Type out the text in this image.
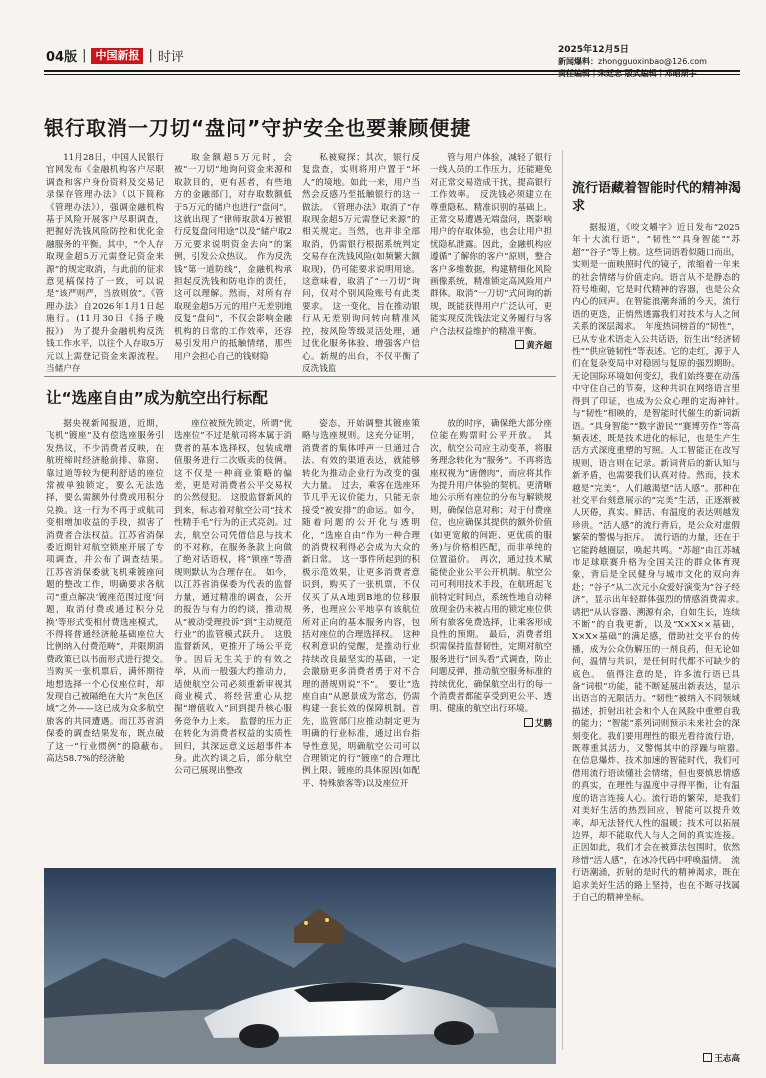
04版 | 中国新报 | 时评	2025年12月5日
新闻爆料：zhongguoxinbao@126.com
银行取消一刀切“盘问”守护安全也要兼顾便捷

11月28日，中国人民银行官网发布《金融机构客户尽职调查和客户身份资料及交易记录保存管理办法》（以下简称《管理办法》），强调金融机构基于风险开展客户尽职调查，把握好洗钱风险防控和优化金融服务的平衡。其中，“个人存取现金超5万元需登记资金来源”的规定取消，与此前的征求意见稿保持了一致，可以说是“该严则严，当放则放”。《管理办法》自2026年1月1日起施行。(11月30日《扬子晚报》)　为了提升金融机构反洗钱工作水平，以往个人存取5万元以上需登记资金来源流程。当储户存

取金额超5万元时，会被“一刀切”地询问资金来源和取款目的，更有甚者，有些地方的金融部门，对存取数额低于5万元的储户也进行“盘问”。这就出现了“律师取款4万被银行反复盘问用途”以及“储户取2万元要求说明资金去向”的案例，引发公众热议。　作为反洗钱“第一道防线”，金融机构承担起反洗钱和防电诈的责任，这可以理解。然而，对所有存取现金超5万元的用户无差别地反复“盘问”，不仅会影响金融机构的日常的工作效率，还容易引发用户的抵触情绪，那些用户会担心自己的钱财隐

私被窥探；其次，银行反复盘查，实则将用户置于“坏人”的境地。如此一来，用户当然会反感乃至抵触银行的这一做法。　《管理办法》取消了“存取现金超5万元需登记来源”的相关规定。当然，也并非全部取消，仍需银行根据系统判定交易存在洗钱风险(如频繁大额取现)，仍可能要求说明用途。这意味着，取消了“一刀切”询问，仅对个别风险账号有此类要求。　这一变化，旨在推动银行从无差别询问转向精准风控，按风险等级灵活处理，通过优化服务体验、增强客户信心。新规的出台，不仅平衡了反洗钱监

管与用户体验，减轻了银行一线人员的工作压力，还能避免对正常交易造成干扰，提高银行工作效率。　反洗钱必须建立在尊重隐私、精准识别的基础上。正常交易遭遇无端盘问，既影响用户的存取体验，也会让用户担忧隐私泄露。因此，金融机构应遵循“了解你的客户”原则，整合客户多维数据，构建精细化风险画像系统，精准锁定高风险用户群体。取消“一刀切”式问询的新规，既能获得用户广泛认可，更能实现反洗钱法定义务履行与客户合法权益维护的精准平衡。

黄齐超
让“选座自由”成为航空出行标配

据央视新闻报道，近期，飞机“镀座”及有偿选座服务引发热议，不少消费者反映，在航班缔时经济舱前排、靠窗、靠过道等较为便利舒适的座位常被单独锁定，要么无法选择，要么需额外付费或用积分兑换。这一行为不再于或航司变相增加收益的手段，损害了消费者合法权益。江苏省消保委近期针对航空锁座开展了专项调查，并公布了调查结果。　江苏省消保委就飞机乘镀座问题的整改工作，明确要求各航司“重点解决‘镀座范围过度’问题，取消付费或通过积分兑换‘等形式变相付费选座模式，不得将普通经济舱基础座位大比例纳入付费范畴”，并限期消费政策已以书面形式进行提交。　当购买一张机票后，满怀期待地想选择一个心仪座位时，却发现自己被隔绝在大片“灰色区域”之外——这已成为众多航空旅客的共同遭遇。而江苏省消保委的调查结果发布，既点破了这一“行业惯例”的隐蔽布。　高达58.7%的经济舱

座位被预先锁定，所谓“优选座位”不过是航司将本属于消费者的基本选择权，包装成增值服务进行二次贩卖的伎俩。这不仅是一种商业策略的偏差，更是对消费者公平交易权的公然侵犯。　这股监督新风的到来，标志着对航空公司“技术性精手毛”行为的正式亮剑。过去，航空公司凭借信息与技术的不对称，在服务条款上向做了绝对话语权，将“锁座”等潜规则默认为合理存在。　如今，以江苏省消保委为代表的监督力量，通过精准的调查，公开的报告与有力的约谈，推动规从“被动受理投诉”到“主动规范行业”的监管模式跃升。　这股监督新风，更推开了场公平竞争。因后无生关于的有效之举，从而一般强大约推动力，适使航空公司必须重新审视其商业模式，将经营重心从挖掘“增值收入”回到提升核心服务竞争力上来。　监督的压力正在转化为消费者权益的实质性回归，其深远意义远超事件本身。此次约谈之后，部分航空公司已展现出整改

姿态，开始调整其镀座策略与选座规则。这充分证明，消费者的集体呼声一旦通过合法、有效的渠道表达，就能够转化为推动企业行为改变的强大力量。　过去，乘客在选座环节几乎无议价能力，只能无奈接受“被安排”的命运。如今，随着问题的公开化与透明化，“选座自由”作为一种合理的消费权利得必会成为大众的新日常。　这一事件所起到的积极示范效果，让更多消费者意识到，购买了一张机票，不仅仅买了从A地到B地的位移服务，也理应公平地享有该航位所对正向的基本服务内容，包括对座位的合理选择权。　这种权利意识的觉醒，是推动行业持续改良最坚实的基础，一定会激励更多消费者勇于对不合理的潜规则说“不”。　要让“选座自由”从愿景成为常态，仍需构建一套长效的保障机制。首先，监管部门应推动制定更为明确的行业标准，通过出台指导性意见，明确航空公司可以合理锁定的行“镀座”的合理比例上限、镀座的具体原因(如配平、特殊旅客等)以及座位开

放的时序，确保绝大部分座位能在购票时公平开放。　其次，航空公司应主动变革，将服务理念转化为“服务”。不再将选座权视为“唐僧肉”，而应将其作为提升用户体验的契机。更清晰地公示所有座位的分布与解锁规则，确保信息对称；对于付费座位，也应确保其提供的额外价值(如更宽敞的间距、更优质的服务)与价格相匹配，而非单纯的位置溢价。　再次，通过技术赋能使企业公平公开机制。航空公司可利用技术手段，在航班起飞前特定时间点，系统性地自动释放现金仍未被占用的锁定座位供所有旅客免费选择，让乘客形成良性的预期。　最后，消费者组织需保持监督韧性，定期对航空服务进行“回头看”式调查，防止问题反弹，推动航空服务标准的持续优化，确保航空出行的每一个消费者都能享受到更公平、透明、健康的航空出行环境。

艾鹏
流行语藏着智能时代的精神渴求

据报道，《咬文嚼字》近日发布“2025年十大流行语”，“韧性”“具身智能”“苏超”“谷子”等上榜。这些词语看似随口而出，实则是一面映照时代的镜子，浓缩着一年来的社会情绪与价值走向。语言从不是静态的符号堆砌，它是时代精神的容器，也是公众内心的回声。在智能浪潮奔涌的今天，流行语的更迭，正悄然透露我们对技术与人之间关系的深层渴求。　年度热词榜首的“韧性”，已从专业术语走入公共话语，衍生出“经济韧性”“供应链韧性”等表述。它的走红，源于人们在复杂变局中对稳固与复原的强烈期盼。无论国际环境如何变幻，我们始终要在动荡中守住自己的节奏，这种共识在网络语言里得到了印证，也成为公众心理的定海神针。　与“韧性”相映的，是智能时代催生的新词新语。“具身智能”“数字游民”“赛博劳作”等高频表述，既是技术进化的标记，也是生产生活方式深度重塑的写照。人工智能正在改写规则，语言则在记录。新词背后的新认知与新矛盾，也需要我们认真对待。然而，技术越是“完美”，人们越渴望“活人感”。那种在社交平台刻意展示的“完美”生活，正逐渐被人厌倦，真实、鲜活、有温度的表达则越发珍贵。“活人感”的流行背后，是公众对虚假繁荣的警惕与拒斥。　流行语的力量，还在于它能跨越圈层，唤起共鸣。“苏超”由江苏城市足球联赛升格为全国关注的群众体育现象，背后是全民健身与城市文化的双向奔赴；“谷子”从二次元小众爱好演变为“谷子经济”，显示出年轻群体强烈的情感消费需求。　请把“从认容器、溯源有余，自如生长，连续不断”的自我更新，以及“X×X××基础，X×X×基础”的满足感，借助社交平台的传播，成为公众伪解压的一剂良药，但无论如何，温情与共识，是任何时代都不可缺少的底色。　值得注意的是，许多流行语已具备“词根”功能，能不断延展出新表达，显示出语言的无限活力。“韧性”被纳入不同领域描述，折射出社会和个人在风险中重塑自我的能力；“智能”系列词则预示未来社会的深刻变化。我们要用理性的眼光看待流行语，既尊重其活力，又警惕其中的浮躁与喧嚣。　在信息爆炸、技术加速的智能时代，我们可借用流行语读懂社会情绪，但也要慎思情感的真实，在理性与温度中寻得平衡，让有温度的语言连接人心。流行语的繁荣，是我们对美好生活的热烈回应，智能可以提升效率，却无法替代人性的温暖；技术可以拓展边界，却不能取代人与人之间的真实连接。正因如此，我们才会在被算法包围时，依然珍惜“活人感”，在冰冷代码中呼唤温情。　流行语潮涌，折射的是时代的精神渴求，既在追求美好生活的路上坚持，也在不断寻找属于自己的精神坐标。

王志高
